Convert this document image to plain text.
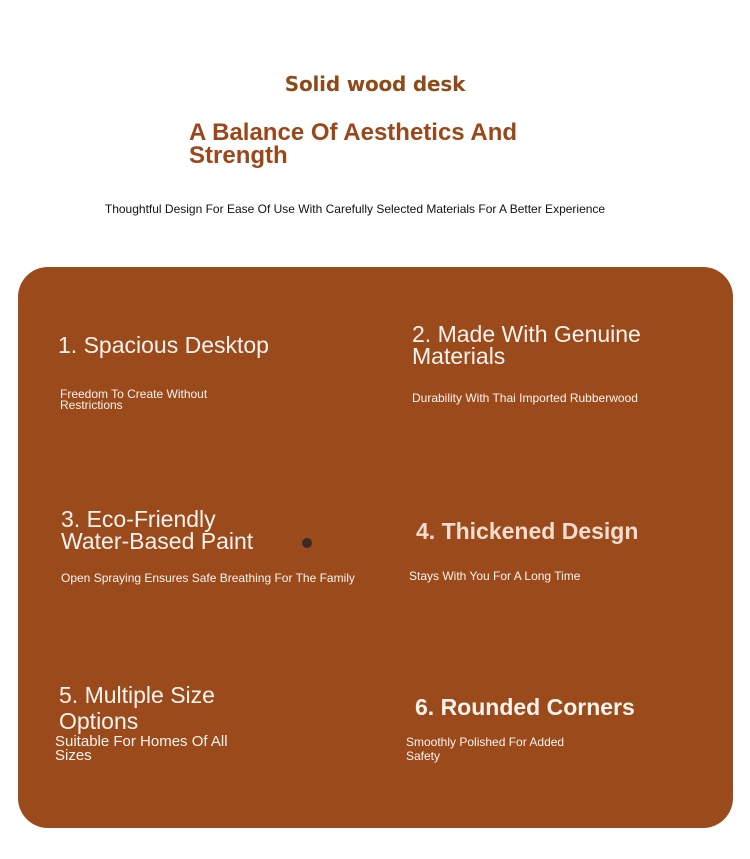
Solid wood desk
A Balance Of Aesthetics And Strength
Thoughtful Design For Ease Of Use With Carefully Selected Materials For A Better Experience
1. Spacious Desktop

Freedom To Create Without Restrictions

2. Made With Genuine Materials

Durability With Thai Imported Rubberwood

3. Eco-Friendly Water-Based Paint

Open Spraying Ensures Safe Breathing For The Family

4. Thickened Design

Stays With You For A Long Time

5. Multiple Size Options

Suitable For Homes Of All Sizes

6. Rounded Corners

Smoothly Polished For Added Safety
